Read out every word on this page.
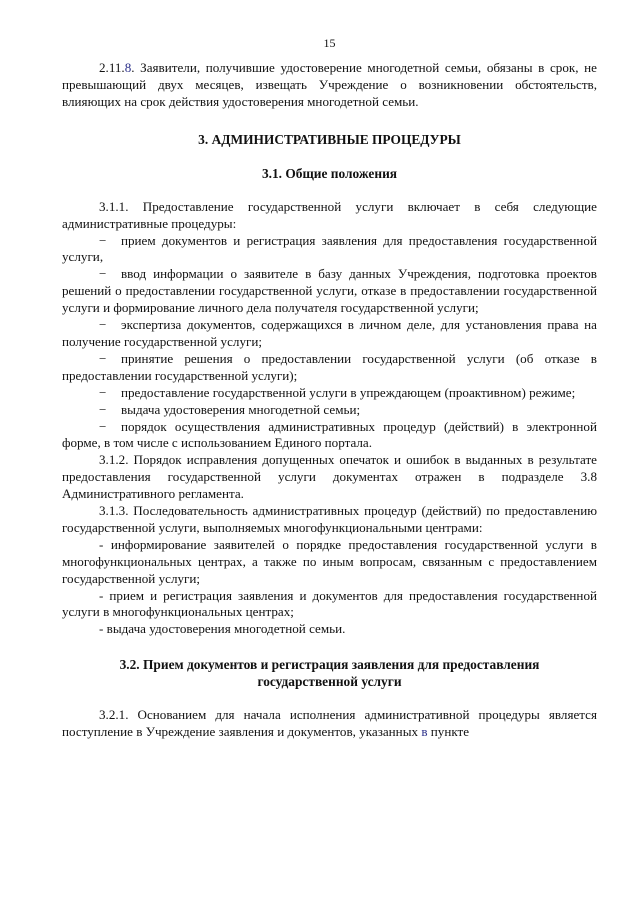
15

2.11.8. Заявители, получившие удостоверение многодетной семьи, обязаны в срок, не превышающий двух месяцев, извещать Учреждение о возникновении обстоятельств, влияющих на срок действия удостоверения многодетной семьи.

3. АДМИНИСТРАТИВНЫЕ ПРОЦЕДУРЫ
3.1. Общие положения

3.1.1. Предоставление государственной услуги включает в себя следующие административные процедуры:

− прием документов и регистрация заявления для предоставления государственной услуги,

− ввод информации о заявителе в базу данных Учреждения, подготовка проектов решений о предоставлении государственной услуги, отказе в предоставлении государственной услуги и формирование личного дела получателя государственной услуги;

− экспертиза документов, содержащихся в личном деле, для установления права на получение государственной услуги;

− принятие решения о предоставлении государственной услуги (об отказе в предоставлении государственной услуги);

− предоставление государственной услуги в упреждающем (проактивном) режиме;

− выдача удостоверения многодетной семьи;

− порядок осуществления административных процедур (действий) в электронной форме, в том числе с использованием Единого портала.

3.1.2. Порядок исправления допущенных опечаток и ошибок в выданных в результате предоставления государственной услуги документах отражен в подразделе 3.8 Административного регламента.

3.1.3. Последовательность административных процедур (действий) по предоставлению государственной услуги, выполняемых многофункциональными центрами:

- информирование заявителей о порядке предоставления государственной услуги в многофункциональных центрах, а также по иным вопросам, связанным с предоставлением государственной услуги;

- прием и регистрация заявления и документов для предоставления государственной услуги в многофункциональных центрах;

- выдача удостоверения многодетной семьи.

3.2. Прием документов и регистрация заявления для предоставления
государственной услуги

3.2.1. Основанием для начала исполнения административной процедуры является поступление в Учреждение заявления и документов, указанных в пункте
